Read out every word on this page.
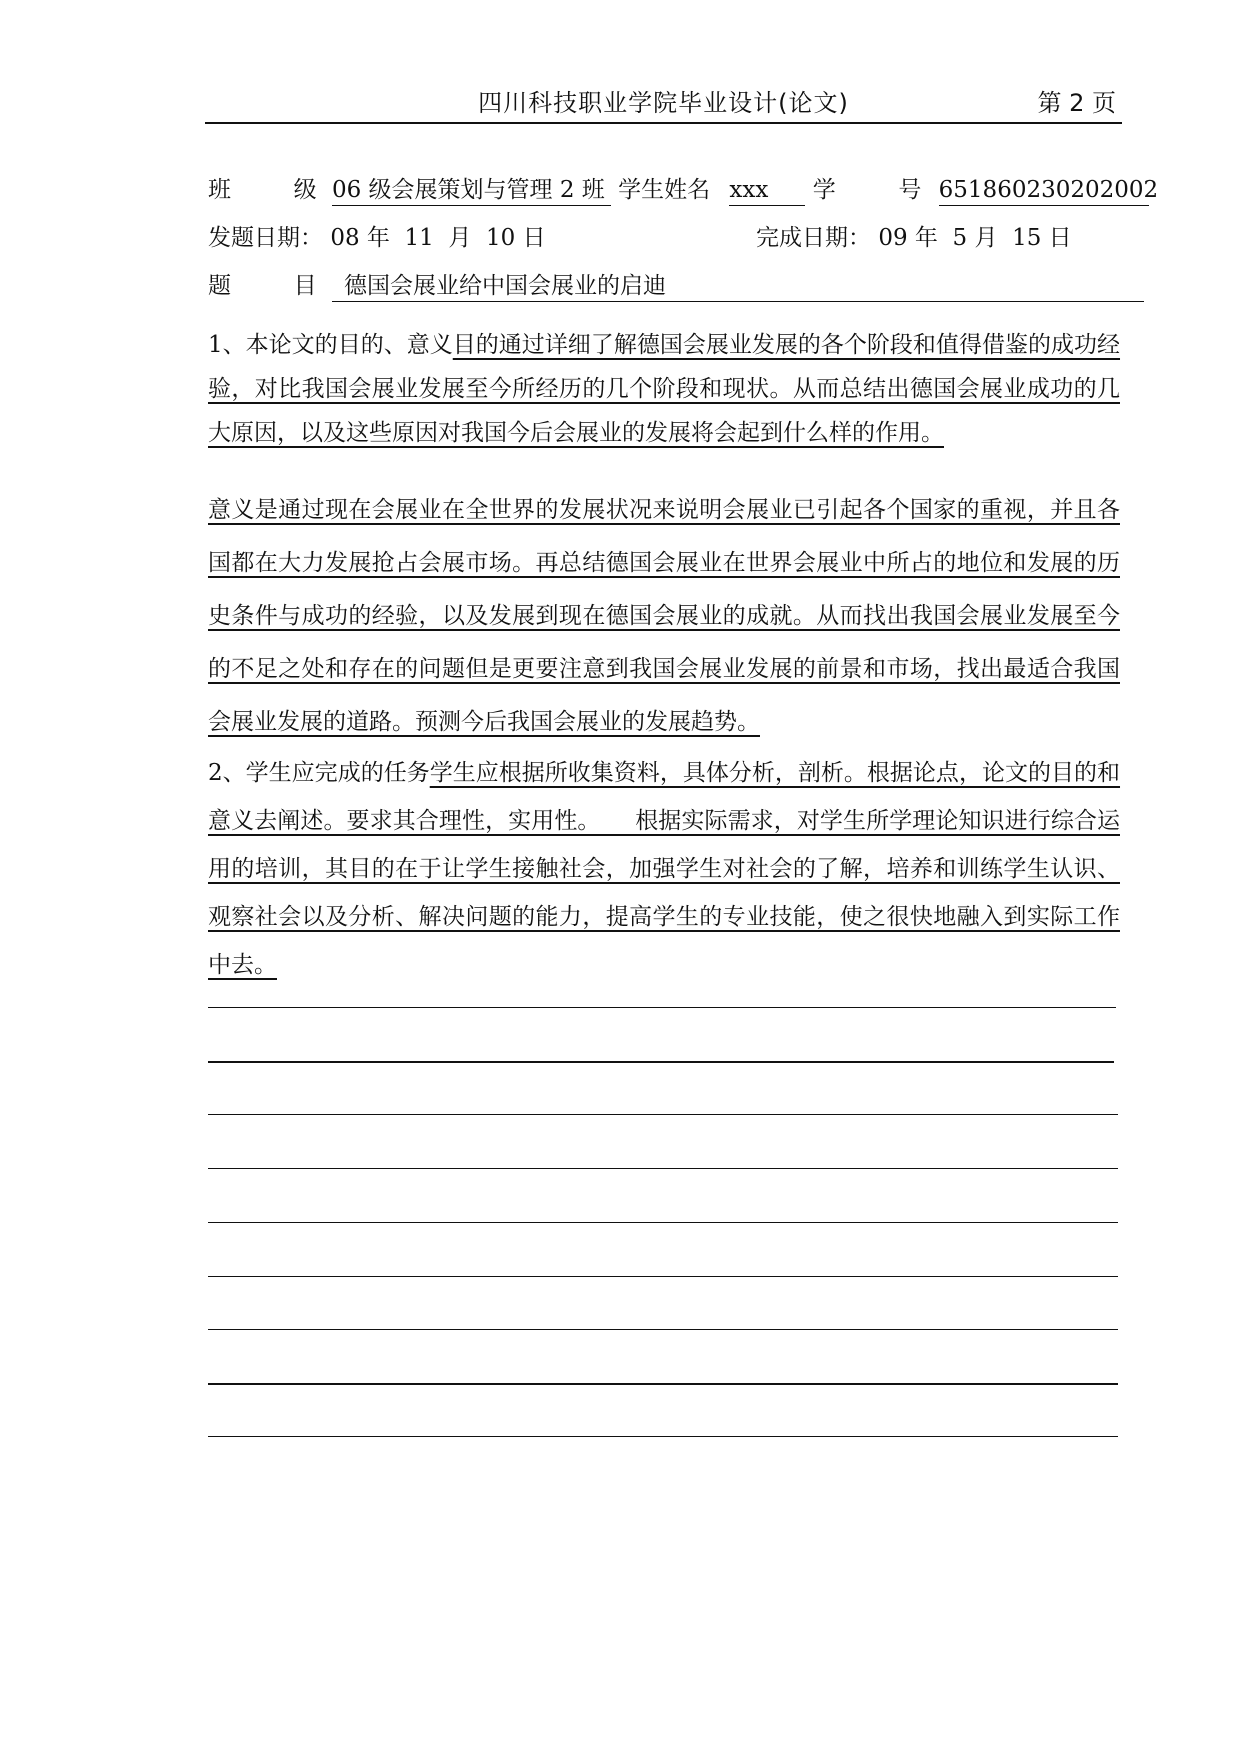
四川科技职业学院毕业设计(论文)	第 2 页
班	级 06 级会展策划与管理 2 班 学生姓名 xxx 学	号 651860230202002
发题日期： 08 年  11  月  10 日	完成日期： 09 年  5 月  15 日
题	目 德国会展业给中国会展业的启迪
1、本论文的目的、意义目的通过详细了解德国会展业发展的各个阶段和值得借鉴的成功经验，对比我国会展业发展至今所经历的几个阶段和现状。从而总结出德国会展业成功的几大原因，以及这些原因对我国今后会展业的发展将会起到什么样的作用。
意义是通过现在会展业在全世界的发展状况来说明会展业已引起各个国家的重视，并且各国都在大力发展抢占会展市场。再总结德国会展业在世界会展业中所占的地位和发展的历史条件与成功的经验，以及发展到现在德国会展业的成就。从而找出我国会展业发展至今的不足之处和存在的问题但是更要注意到我国会展业发展的前景和市场，找出最适合我国会展业发展的道路。预测今后我国会展业的发展趋势。
2、学生应完成的任务学生应根据所收集资料，具体分析，剖析。根据论点，论文的目的和意义去阐述。要求其合理性，实用性。　　根据实际需求，对学生所学理论知识进行综合运用的培训，其目的在于让学生接触社会，加强学生对社会的了解，培养和训练学生认识、观察社会以及分析、解决问题的能力，提高学生的专业技能，使之很快地融入到实际工作中去。
